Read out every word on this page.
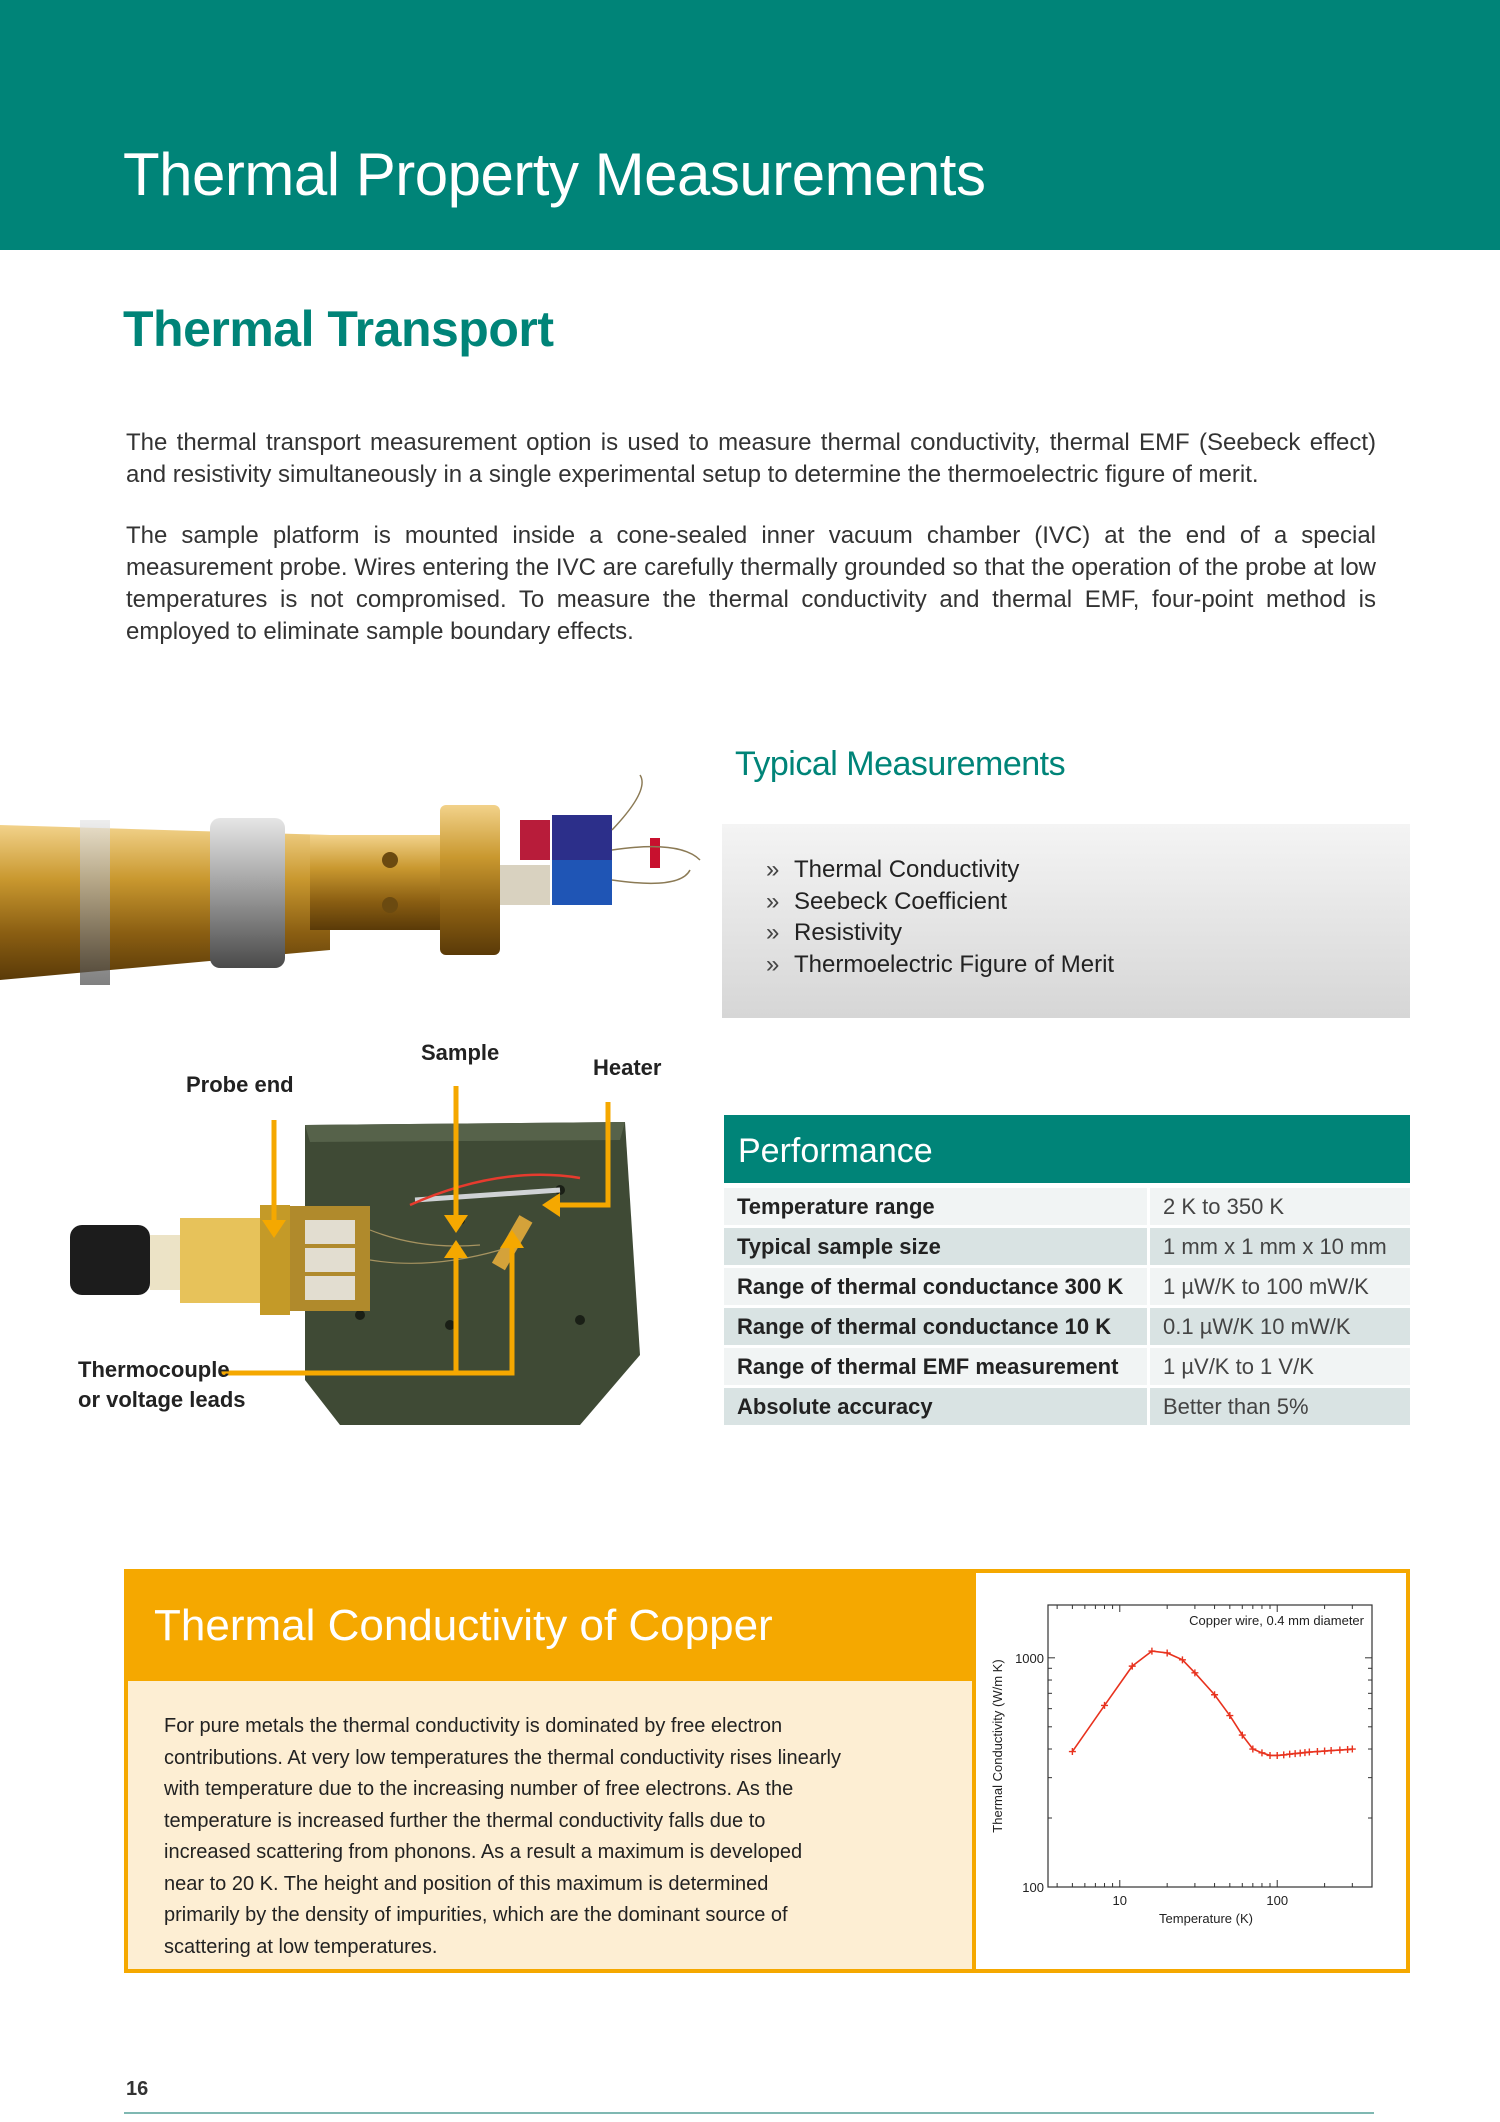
Thermal Property Measurements
Thermal Transport

The thermal transport measurement option is used to measure thermal conductivity, thermal EMF (Seebeck effect) and resistivity simultaneously in a single experimental setup to determine the thermoelectric figure of merit.

The sample platform is mounted inside a cone-sealed inner vacuum chamber (IVC) at the end of a special measurement probe. Wires entering the IVC are carefully thermally grounded so that the operation of the probe at low temperatures is not compromised. To measure the thermal conductivity and thermal EMF, four-point method is employed to eliminate sample boundary effects.

Typical Measurements
» Thermal Conductivity
» Seebeck Coefficient
» Resistivity
» Thermoelectric Figure of Merit
Probe end
Sample
Heater
Thermocouple
or voltage leads
Performance
Temperature range	2 K to 350 K
Typical sample size	1 mm x 1 mm x 10 mm
Range of thermal conductance 300 K	1 µW/K to 100 mW/K
Range of thermal conductance 10 K	0.1 µW/K 10 mW/K
Range of thermal EMF measurement	1 µV/K to 1 V/K
Absolute accuracy	Better than 5%
Thermal Conductivity of Copper

For pure metals the thermal conductivity is dominated by free electron contributions. At very low temperatures the thermal conductivity rises linearly with temperature due to the increasing number of free electrons. As the temperature is increased further the thermal conductivity falls due to increased scattering from phonons. As a result a maximum is developed near to 20 K. The height and position of this maximum is determined primarily by the density of impurities, which are the dominant source of scattering at low temperatures.

Copper wire, 0.4 mm diameter
Temperature (K)
Thermal Conductivity (W/m K)
10	100
100
1000
16
